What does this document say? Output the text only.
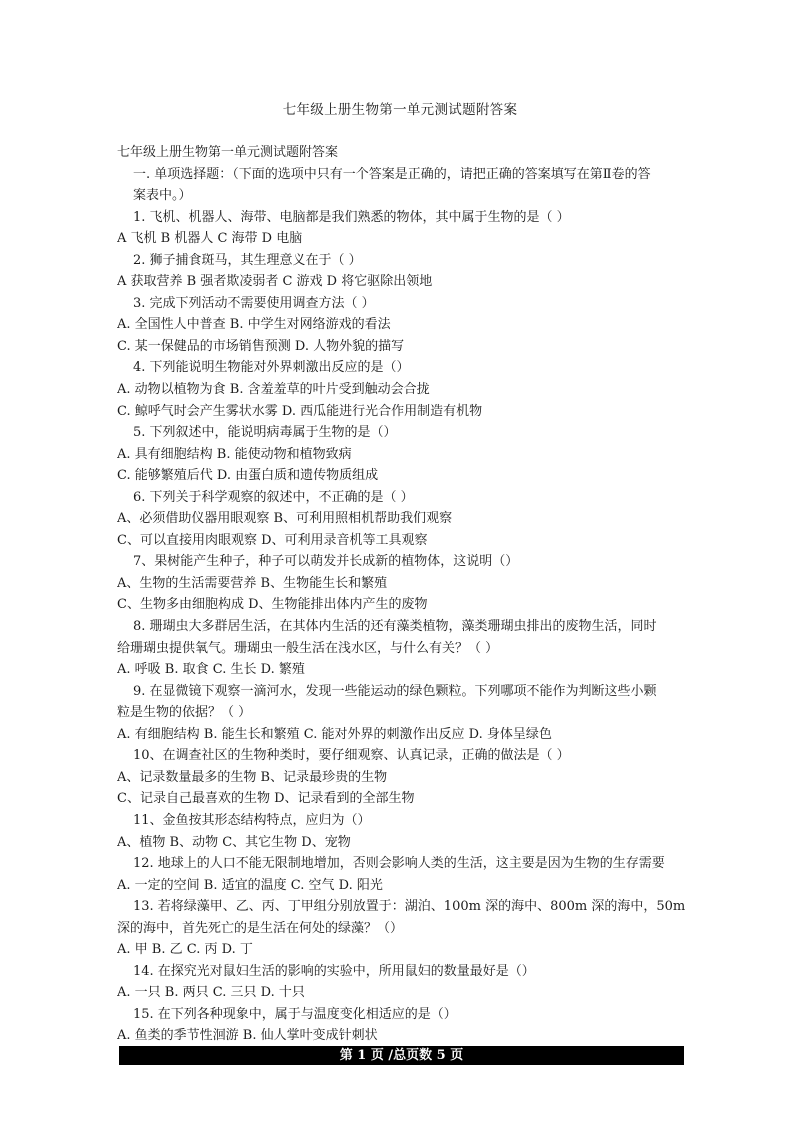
七年级上册生物第一单元测试题附答案
七年级上册生物第一单元测试题附答案
一. 单项选择题：（下面的选项中只有一个答案是正确的，请把正确的答案填写在第Ⅱ卷的答
案表中。）
1. 飞机、机器人、海带、电脑都是我们熟悉的物体，其中属于生物的是（ ）
A 飞机 B 机器人 C 海带 D 电脑
2. 狮子捕食斑马，其生理意义在于（ ）
A 获取营养 B 强者欺凌弱者 C 游戏 D 将它驱除出领地
3. 完成下列活动不需要使用调查方法（ ）
A. 全国性人中普查 B. 中学生对网络游戏的看法
C. 某一保健品的市场销售预测 D. 人物外貌的描写
4. 下列能说明生物能对外界刺激出反应的是（）
A. 动物以植物为食 B. 含羞羞草的叶片受到触动会合拢
C. 鲸呼气时会产生雾状水雾 D. 西瓜能进行光合作用制造有机物
5. 下列叙述中，能说明病毒属于生物的是（）
A. 具有细胞结构 B. 能使动物和植物致病
C. 能够繁殖后代 D. 由蛋白质和遗传物质组成
6. 下列关于科学观察的叙述中，不正确的是（ ）
A、必须借助仪器用眼观察 B、可利用照相机帮助我们观察
C、可以直接用肉眼观察 D、可利用录音机等工具观察
7、果树能产生种子，种子可以萌发并长成新的植物体，这说明（）
A、生物的生活需要营养 B、生物能生长和繁殖
C、生物多由细胞构成 D、生物能排出体内产生的废物
8. 珊瑚虫大多群居生活，在其体内生活的还有藻类植物，藻类珊瑚虫排出的废物生活，同时
给珊瑚虫提供氧气。珊瑚虫一般生活在浅水区，与什么有关？（ ）
A. 呼吸 B. 取食 C. 生长 D. 繁殖
9. 在显微镜下观察一滴河水，发现一些能运动的绿色颗粒。下列哪项不能作为判断这些小颗
粒是生物的依据？（ ）
A. 有细胞结构 B. 能生长和繁殖 C. 能对外界的刺激作出反应 D. 身体呈绿色
10、在调查社区的生物种类时，要仔细观察、认真记录，正确的做法是（ ）
A、记录数量最多的生物 B、记录最珍贵的生物
C、记录自己最喜欢的生物 D、记录看到的全部生物
11、金鱼按其形态结构特点，应归为（）
A、植物 B、动物 C、其它生物 D、宠物
12. 地球上的人口不能无限制地增加，否则会影响人类的生活，这主要是因为生物的生存需要
A. 一定的空间 B. 适宜的温度 C. 空气 D. 阳光
13. 若将绿藻甲、乙、丙、丁甲组分别放置于：湖泊、100m 深的海中、800m 深的海中，50m
深的海中，首先死亡的是生活在何处的绿藻？（）
A. 甲 B. 乙 C. 丙 D. 丁
14. 在探究光对鼠妇生活的影响的实验中，所用鼠妇的数量最好是（）
A. 一只 B. 两只 C. 三只 D. 十只
15. 在下列各种现象中，属于与温度变化相适应的是（）
A. 鱼类的季节性洄游 B. 仙人掌叶变成针刺状
第 1 页 /总页数 5 页
